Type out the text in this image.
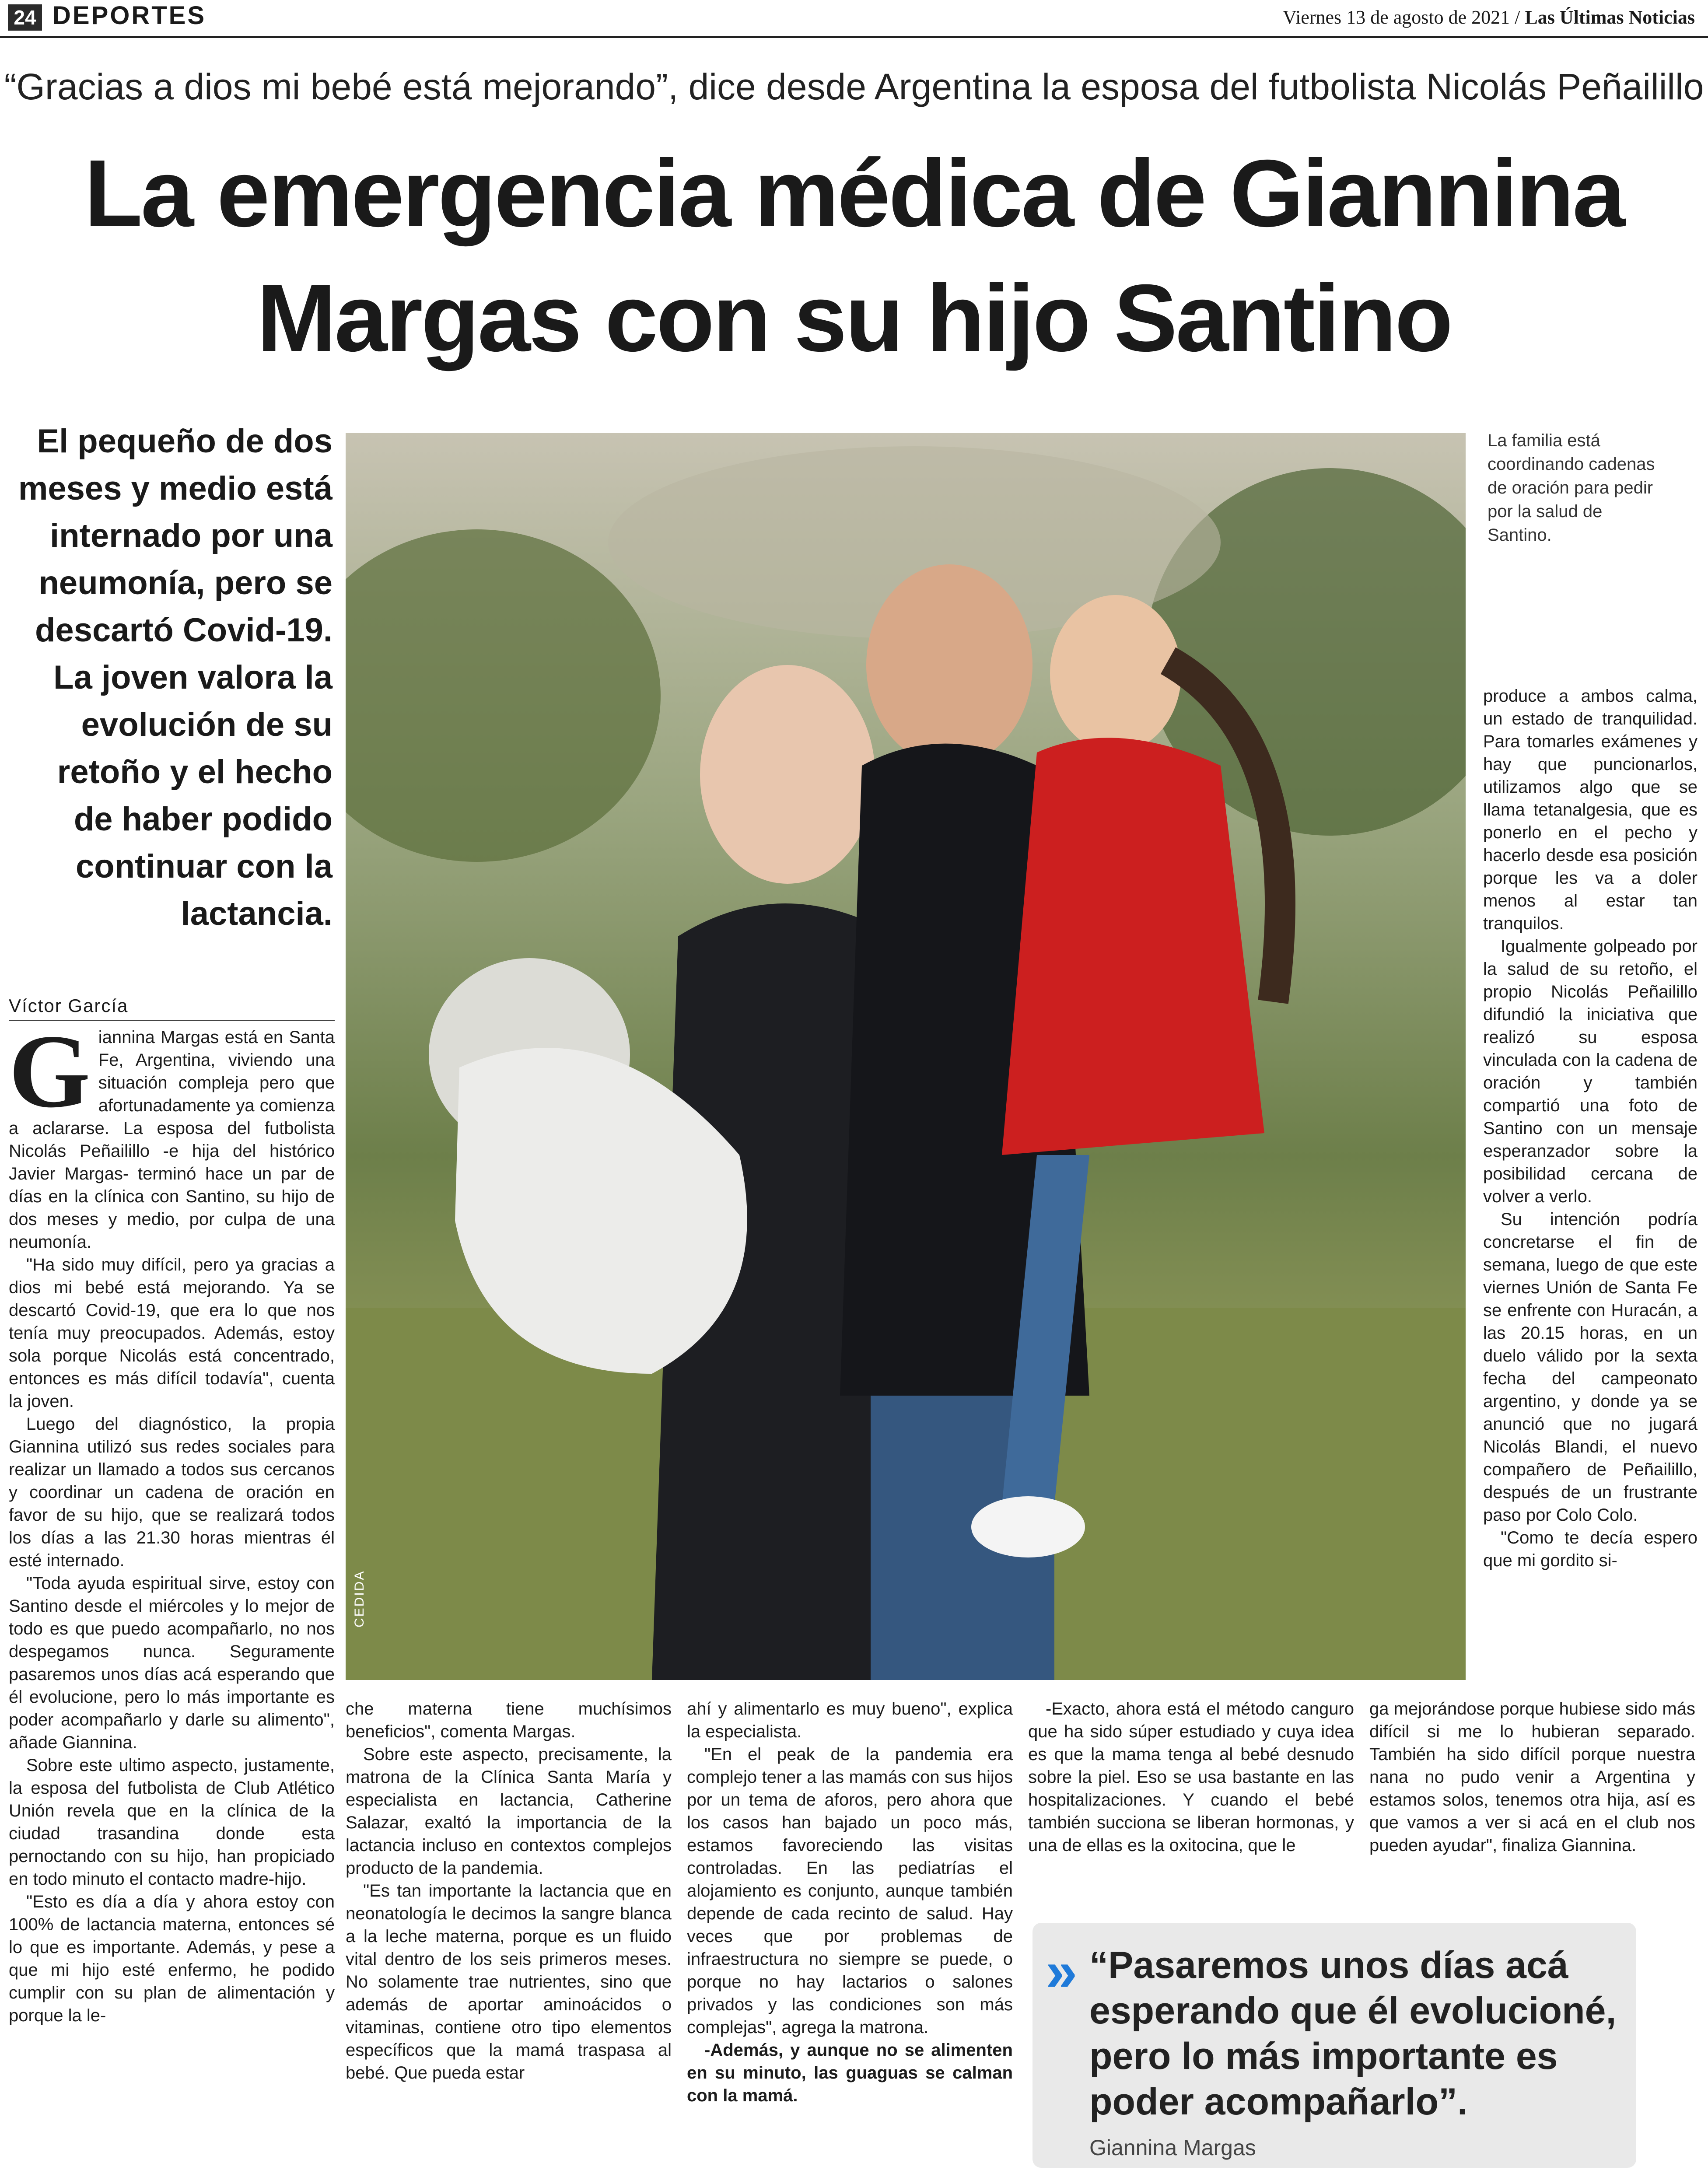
24 DEPORTES	Viernes 13 de agosto de 2021 / Las Últimas Noticias
“Gracias a dios mi bebé está mejorando”, dice desde Argentina la esposa del futbolista Nicolás Peñailillo
La emergencia médica de Giannina
Margas con su hijo Santino
El pequeño de dos meses y medio está internado por una neumonía, pero se descartó Covid-19. La joven valora la evolución de su retoño y el hecho de haber podido continuar con la lactancia.
Víctor García
CEDIDA
La familia está coordinando cadenas de oración para pedir por la salud de Santino.
G iannina Margas está en Santa Fe, Argentina, viviendo una situación compleja pero que afortunadamente ya comienza a aclararse. La esposa del futbolista Nicolás Peñailillo -e hija del histórico Javier Margas- terminó hace un par de días en la clínica con Santino, su hijo de dos meses y medio, por culpa de una neumonía.

"Ha sido muy difícil, pero ya gracias a dios mi bebé está mejorando. Ya se descartó Covid-19, que era lo que nos tenía muy preocupados. Además, estoy sola porque Nicolás está concentrado, entonces es más difícil todavía", cuenta la joven.

Luego del diagnóstico, la propia Giannina utilizó sus redes sociales para realizar un llamado a todos sus cercanos y coordinar un cadena de oración en favor de su hijo, que se realizará todos los días a las 21.30 horas mientras él esté internado.

"Toda ayuda espiritual sirve, estoy con Santino desde el miércoles y lo mejor de todo es que puedo acompañarlo, no nos despegamos nunca. Seguramente pasaremos unos días acá esperando que él evolucione, pero lo más importante es poder acompañarlo y darle su alimento", añade Giannina.

Sobre este ultimo aspecto, justamente, la esposa del futbolista de Club Atlético Unión revela que en la clínica de la ciudad trasandina donde esta pernoctando con su hijo, han propiciado en todo minuto el contacto madre-hijo.

"Esto es día a día y ahora estoy con 100% de lactancia materna, entonces sé lo que es importante. Además, y pese a que mi hijo esté enfermo, he podido cumplir con su plan de alimentación y porque la le-

che materna tiene muchísimos beneficios", comenta Margas.

Sobre este aspecto, precisamente, la matrona de la Clínica Santa María y especialista en lactancia, Catherine Salazar, exaltó la importancia de la lactancia incluso en contextos complejos producto de la pandemia.

"Es tan importante la lactancia que en neonatología le decimos la sangre blanca a la leche materna, porque es un fluido vital dentro de los seis primeros meses. No solamente trae nutrientes, sino que además de aportar aminoácidos o vitaminas, contiene otro tipo elementos específicos que la mamá traspasa al bebé. Que pueda estar

ahí y alimentarlo es muy bueno", explica la especialista.

"En el peak de la pandemia era complejo tener a las mamás con sus hijos por un tema de aforos, pero ahora que los casos han bajado un poco más, estamos favoreciendo las visitas controladas. En las pediatrías el alojamiento es conjunto, aunque también depende de cada recinto de salud. Hay veces que por problemas de infraestructura no siempre se puede, o porque no hay lactarios o salones privados y las condiciones son más complejas", agrega la matrona.

-Además, y aunque no se alimenten en su minuto, las guaguas se calman con la mamá.

-Exacto, ahora está el método canguro que ha sido súper estudiado y cuya idea es que la mama tenga al bebé desnudo sobre la piel. Eso se usa bastante en las hospitalizaciones. Y cuando el bebé también succiona se liberan hormonas, y una de ellas es la oxitocina, que le

ga mejorándose porque hubiese sido más difícil si me lo hubieran separado. También ha sido difícil porque nuestra nana no pudo venir a Argentina y estamos solos, tenemos otra hija, así es que vamos a ver si acá en el club nos pueden ayudar", finaliza Giannina.

produce a ambos calma, un estado de tranquilidad. Para tomarles exámenes y hay que puncionarlos, utilizamos algo que se llama tetanalgesia, que es ponerlo en el pecho y hacerlo desde esa posición porque les va a doler menos al estar tan tranquilos.

Igualmente golpeado por la salud de su retoño, el propio Nicolás Peñailillo difundió la iniciativa que realizó su esposa vinculada con la cadena de oración y también compartió una foto de Santino con un mensaje esperanzador sobre la posibilidad cercana de volver a verlo.

Su intención podría concretarse el fin de semana, luego de que este viernes Unión de Santa Fe se enfrente con Huracán, a las 20.15 horas, en un duelo válido por la sexta fecha del campeonato argentino, y donde ya se anunció que no jugará Nicolás Blandi, el nuevo compañero de Peñailillo, después de un frustrante paso por Colo Colo.

"Como te decía espero que mi gordito si-

» “Pasaremos unos días acá esperando que él evolucioné, pero lo más importante es poder acompañarlo”.
Giannina Margas
